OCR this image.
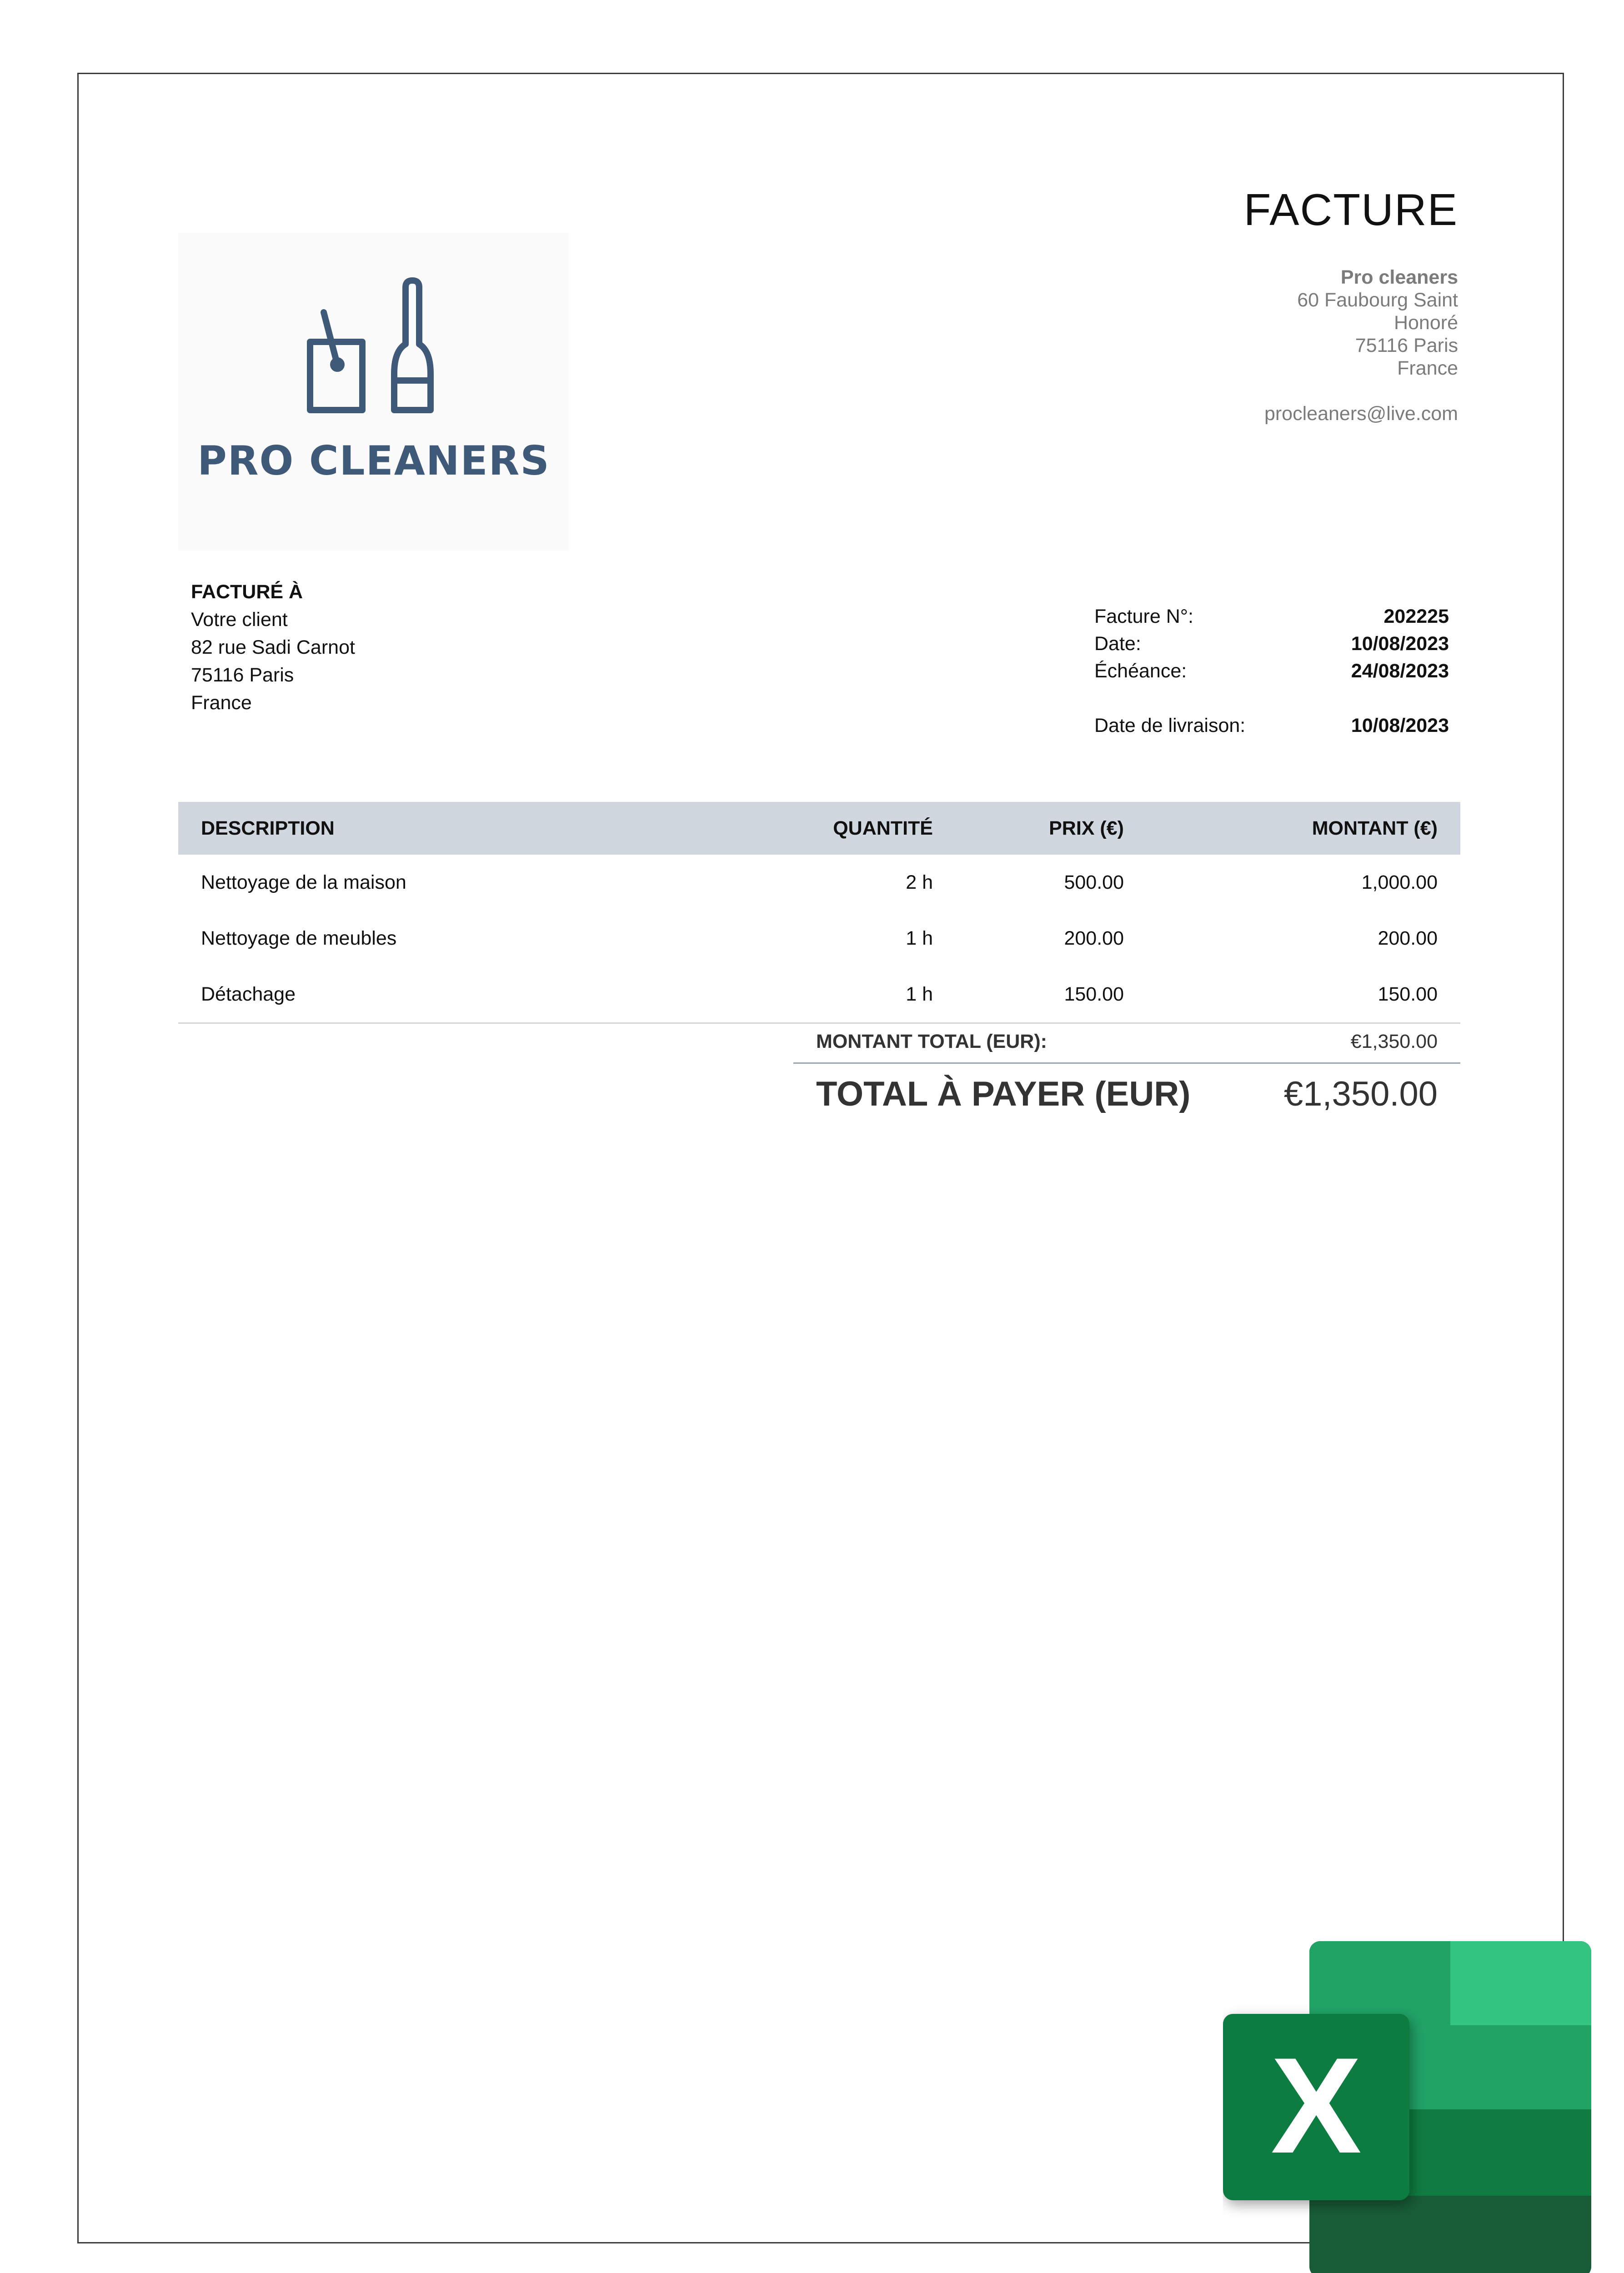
PRO CLEANERS
FACTURE
Pro cleaners
60 Faubourg Saint
Honoré
75116 Paris
France
procleaners@live.com
FACTURÉ À
Votre client
82 rue Sadi Carnot
75116 Paris
France
Facture N°:	202225
Date:	10/08/2023
Échéance:	24/08/2023
Date de livraison:	10/08/2023
DESCRIPTION	QUANTITÉ	PRIX (€)	MONTANT (€)
Nettoyage de la maison	2 h	500.00	1,000.00
Nettoyage de meubles	1 h	200.00	200.00
Détachage	1 h	150.00	150.00
MONTANT TOTAL (EUR):	€1,350.00
TOTAL À PAYER (EUR)	€1,350.00
X
